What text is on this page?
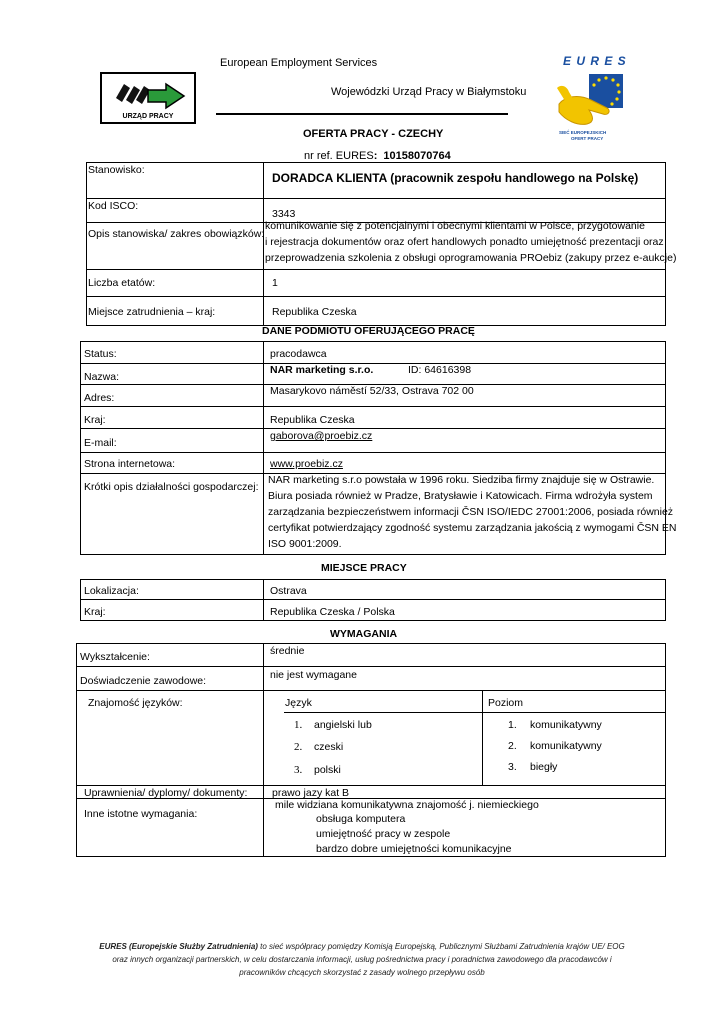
European Employment Services
URZĄD PRACY
Wojewódzki Urząd Pracy w Białymstoku
E U R E S
SIEĆ EUROPEJSKICH
OFERT PRACY
OFERTA PRACY - CZECHY
nr ref. EURES: 10158070764
Stanowisko:
DORADCA KLIENTA (pracownik zespołu handlowego na Polskę)
Kod ISCO:
3343
Opis stanowiska/ zakres obowiązków:
komunikowanie się z potencjalnymi i obecnymi klientami w Polsce, przygotowanie
i rejestracja dokumentów oraz ofert handlowych ponadto umiejętność prezentacji oraz
przeprowadzenia szkolenia z obsługi oprogramowania PROebiz (zakupy przez e-aukcje)
Liczba etatów:	1
Miejsce zatrudnienia – kraj:	Republika Czeska
DANE PODMIOTU OFERUJĄCEGO PRACĘ
Status:	pracodawca
Nazwa:
NAR marketing s.r.o.	ID: 64616398
Adres:
Masarykovo náměstí 52/33, Ostrava 702 00
Kraj:	Republika Czeska
E-mail:
gaborova@proebiz.cz
Strona internetowa:	www.proebiz.cz
Krótki opis działalności gospodarczej:
NAR marketing s.r.o powstała w 1996 roku. Siedziba firmy znajduje się w Ostrawie.
Biura posiada również w Pradze, Bratysławie i Katowicach. Firma wdrożyła system
zarządzania bezpieczeństwem informacji ČSN ISO/IEDC 27001:2006, posiada również
certyfikat potwierdzający zgodność systemu zarządzania jakością z wymogami ČSN EN
ISO 9001:2009.
MIEJSCE PRACY
Lokalizacja:	Ostrava
Kraj:	Republika Czeska / Polska
WYMAGANIA
Wykształcenie:	średnie
Doświadczenie zawodowe:	nie jest wymagane
Znajomość języków:	Język	Poziom
1. angielski lub	1. komunikatywny
2. czeski	2. komunikatywny
3. polski	3. biegły
Uprawnienia/ dyplomy/ dokumenty: prawo jazy kat B
Inne istotne wymagania:
mile widziana komunikatywna znajomość j. niemieckiego
obsługa komputera
umiejętność pracy w zespole
bardzo dobre umiejętności komunikacyjne
EURES (Europejskie Służby Zatrudnienia) to sieć współpracy pomiędzy Komisją Europejską, Publicznymi Służbami Zatrudnienia krajów UE/ EOG
oraz innych organizacji partnerskich, w celu dostarczania informacji, usług pośrednictwa pracy i poradnictwa zawodowego dla pracodawców i
pracowników chcących skorzystać z zasady wolnego przepływu osób
